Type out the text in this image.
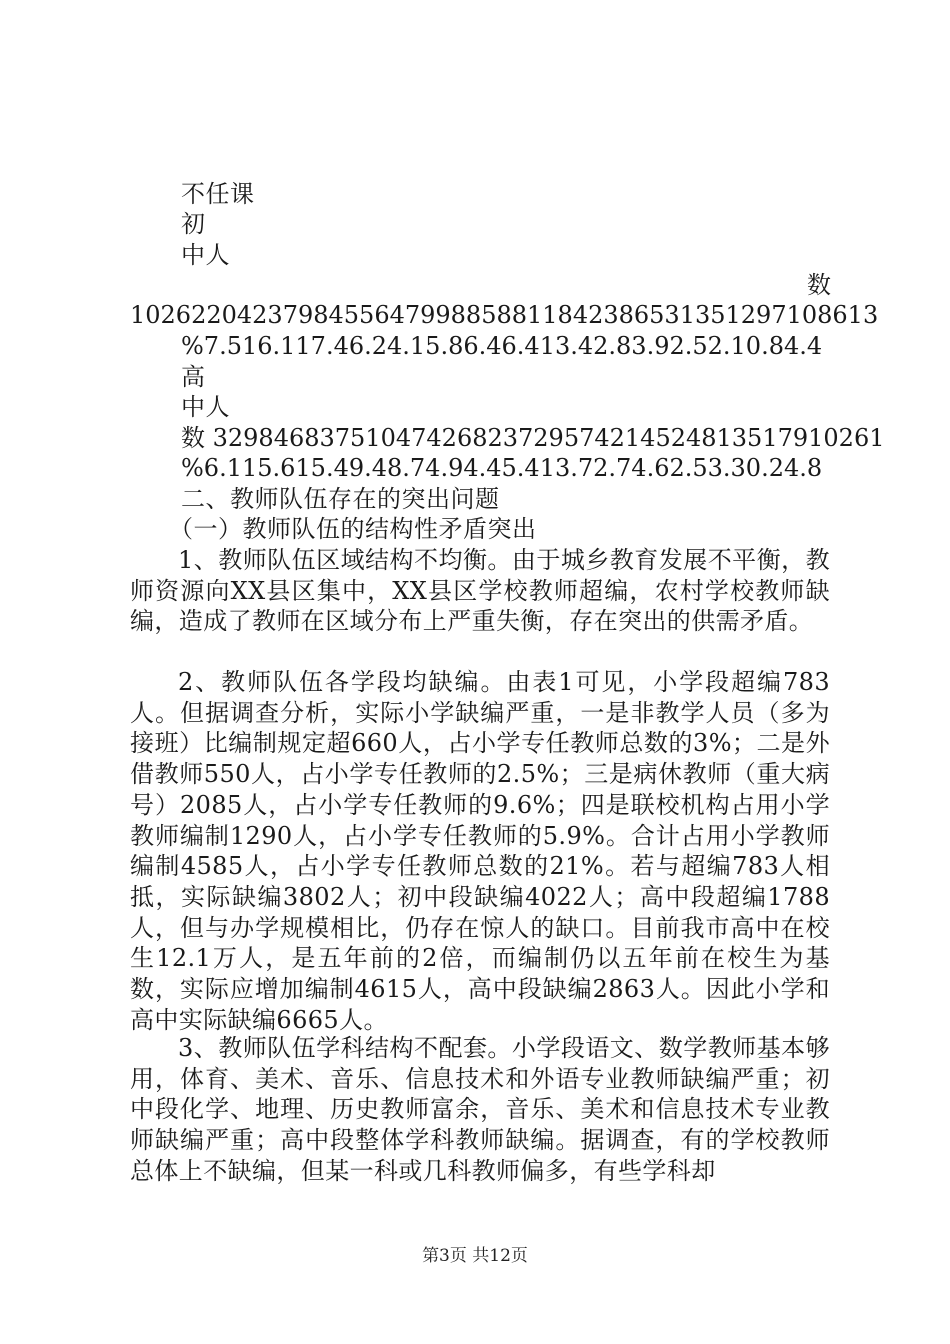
不任课
初
中人
数
1026220423798455647998858811842386531351297108613
%7.516.117.46.24.15.86.46.413.42.83.92.52.10.84.4
高
中人
数 3298468375104742682372957421452481351791026​1
%6.115.615.49.48.74.94.45.413.72.74.62.53.30.24.8
二、教师队伍存在的突出问题
（一）教师队伍的结构性矛盾突出
1、教师队伍区域结构不均衡。由于城乡教育发展不平衡，教师资源向XX县区集中，XX县区学校教师超编，农村学校教师缺编，造成了教师在区域分布上严重失衡，存在突出的供需矛盾。
2、教师队伍各学段均缺编。由表1可见，小学段超编783人。但据调查分析，实际小学缺编严重，一是非教学人员（多为接班）比编制规定超660人，占小学专任教师总数的3%；二是外借教师550人，占小学专任教师的2.5%；三是病休教师（重大病号）2085人，占小学专任教师的9.6%；四是联校机构占用小学教师编制1290人，占小学专任教师的5.9%。合计占用小学教师编制4585人，占小学专任教师总数的21%。若与超编783人相抵，实际缺编3802人；初中段缺编4022人；高中段超编1788人，但与办学规模相比，仍存在惊人的缺口。目前我市高中在校生12.1万人，是五年前的2倍，而编制仍以五年前在校生为基数，实际应增加编制4615人，高中段缺编2863人。因此小学和高中实际缺编6665人。
3、教师队伍学科结构不配套。小学段语文、数学教师基本够用，体育、美术、音乐、信息技术和外语专业教师缺编严重；初中段化学、地理、历史教师富余，音乐、美术和信息技术专业教师缺编严重；高中段整体学科教师缺编。据调查，有的学校教师总体上不缺编，但某一科或几科教师偏多，有些学科却
第3页 共12页
